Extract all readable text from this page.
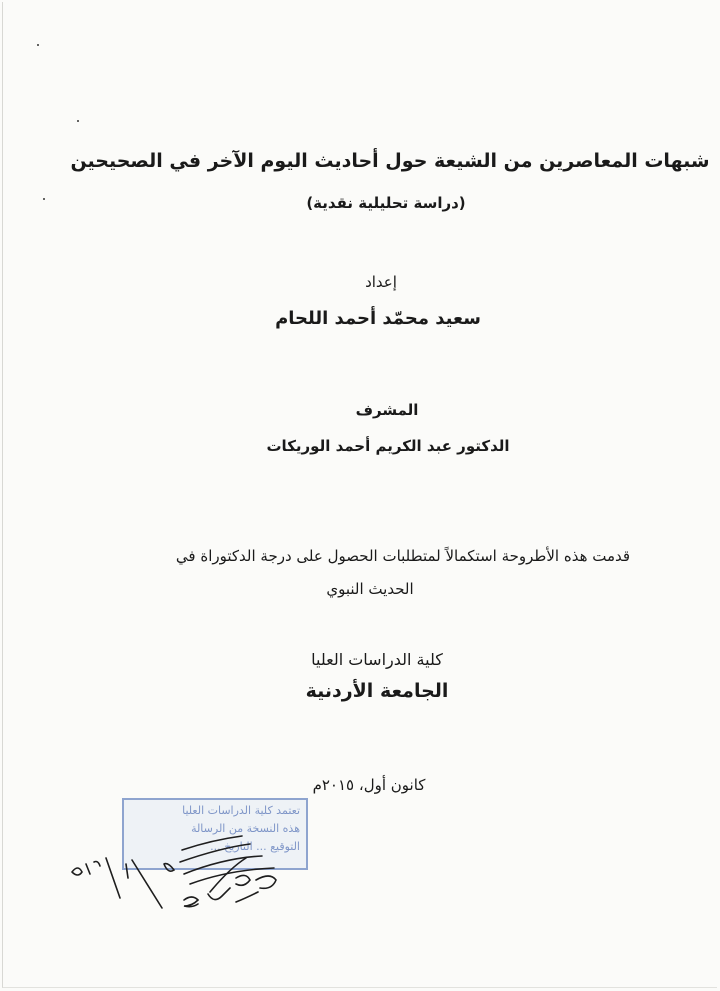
شبهات المعاصرين من الشيعة حول أحاديث اليوم الآخر في الصحيحين
(دراسة تحليلية نقدية)
إعداد
سعيد محمّد أحمد اللحام
المشرف
الدكتور عبد الكريم أحمد الوريكات
قدمت هذه الأطروحة استكمالاً لمتطلبات الحصول على درجة الدكتوراة في
الحديث النبوي
كلية الدراسات العليا
الجامعة الأردنية
كانون أول، ٢٠١٥م
تعتمد كلية الدراسات العليا
هذه النسخة من الرسالة
التوقيع ... التاريخ ...
